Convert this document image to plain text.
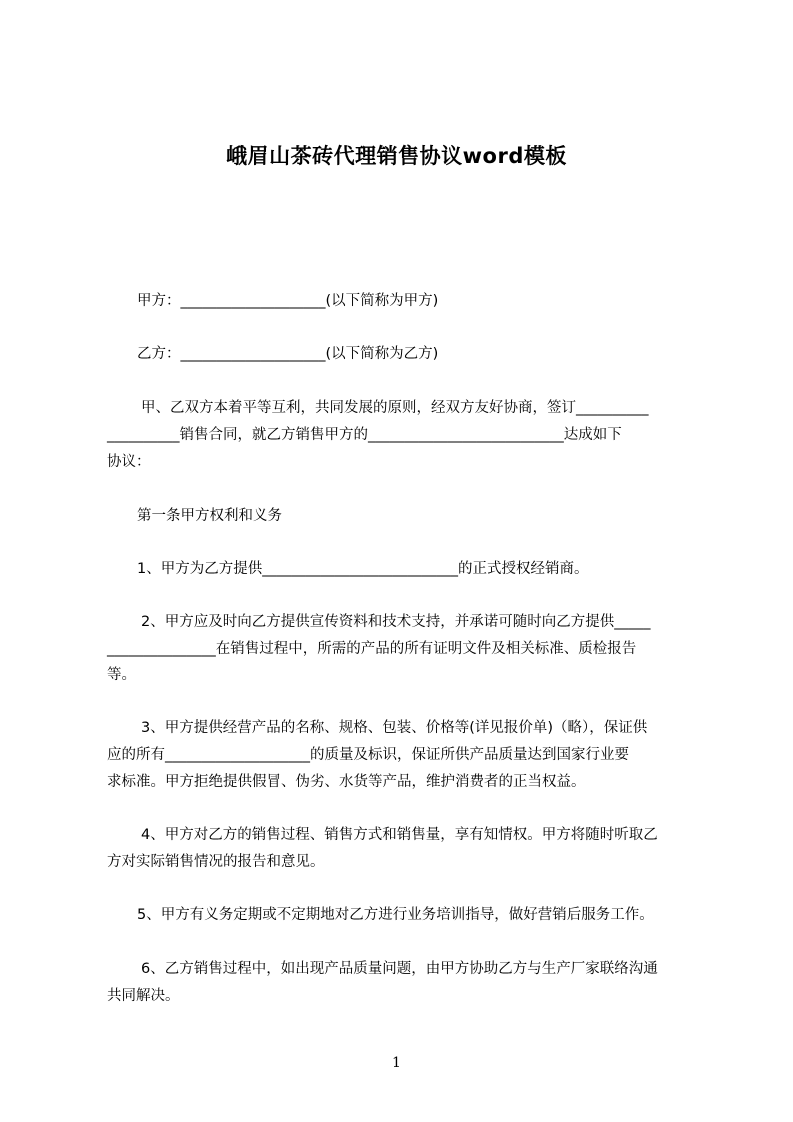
峨眉山茶砖代理销售协议word模板
甲方：____________________(以下简称为甲方)
乙方：____________________(以下简称为乙方)
甲、乙双方本着平等互利，共同发展的原则，经双方友好协商，签订__________
__________销售合同，就乙方销售甲方的___________________________达成如下
协议：
第一条甲方权利和义务
1、甲方为乙方提供___________________________的正式授权经销商。
2、甲方应及时向乙方提供宣传资料和技术支持，并承诺可随时向乙方提供_____
_______________在销售过程中，所需的产品的所有证明文件及相关标准、质检报告
等。
3、甲方提供经营产品的名称、规格、包装、价格等(详见报价单)（略），保证供
应的所有____________________的质量及标识，保证所供产品质量达到国家行业要
求标准。甲方拒绝提供假冒、伪劣、水货等产品，维护消费者的正当权益。
4、甲方对乙方的销售过程、销售方式和销售量，享有知情权。甲方将随时听取乙
方对实际销售情况的报告和意见。
5、甲方有义务定期或不定期地对乙方进行业务培训指导，做好营销后服务工作。
6、乙方销售过程中，如出现产品质量问题，由甲方协助乙方与生产厂家联络沟通
共同解决。
1
